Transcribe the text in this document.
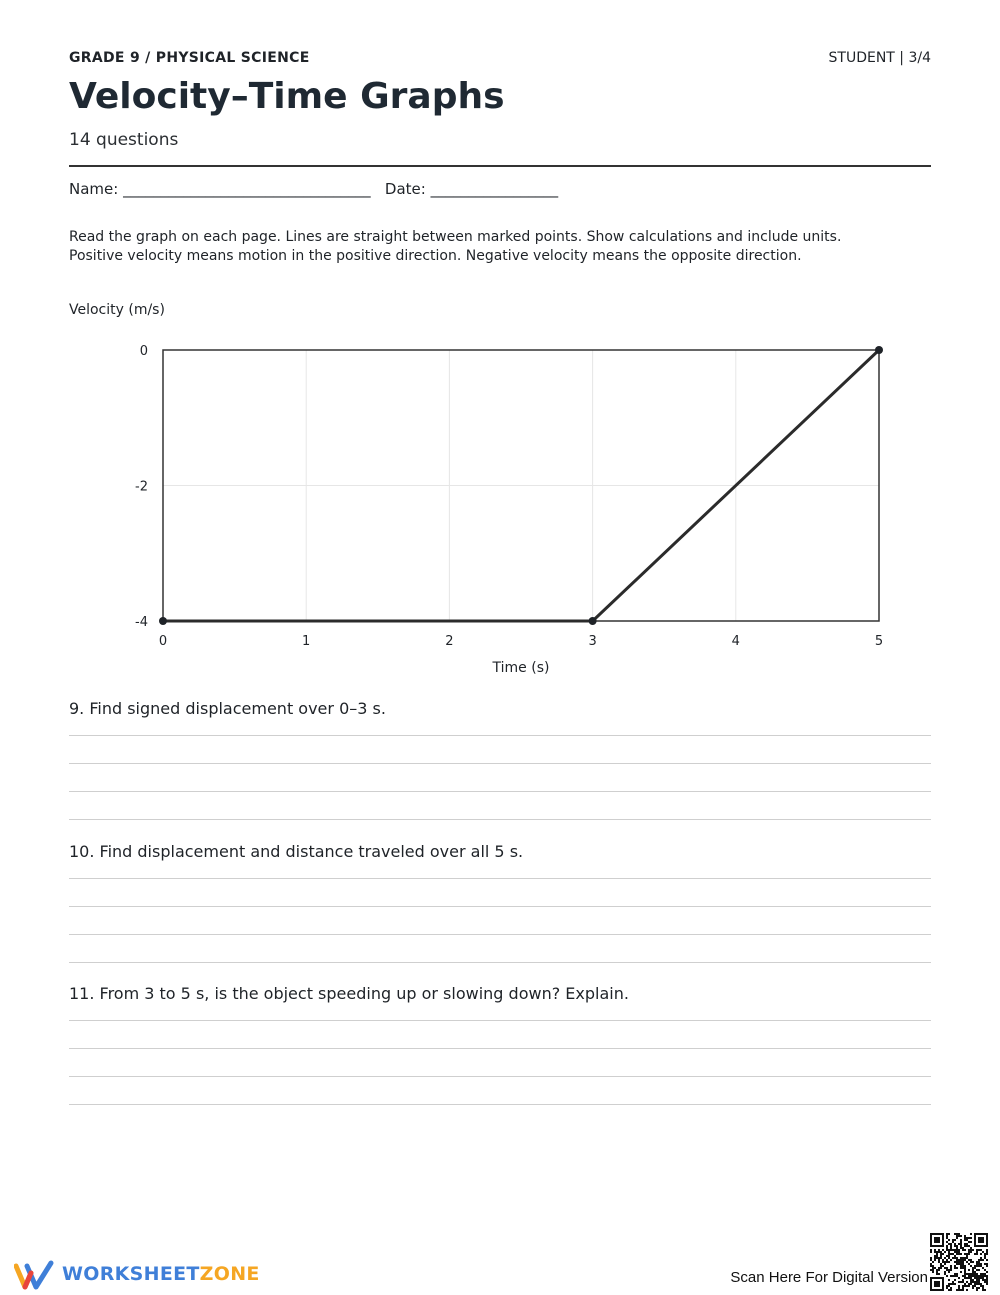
GRADE 9 / PHYSICAL SCIENCE	STUDENT | 3/4
Velocity–Time Graphs
14 questions
Name: _________________________________ Date: _________________
Read the graph on each page. Lines are straight between marked points. Show calculations and include units.
Positive velocity means motion in the positive direction. Negative velocity means the opposite direction.
0	1	2	3	4	5
0
-2
-4
Velocity (m/s)
Time (s)
9. Find signed displacement over 0–3 s.
10. Find displacement and distance traveled over all 5 s.
11. From 3 to 5 s, is the object speeding up or slowing down? Explain.
WORKSHEETZONE	Scan Here For Digital Version
